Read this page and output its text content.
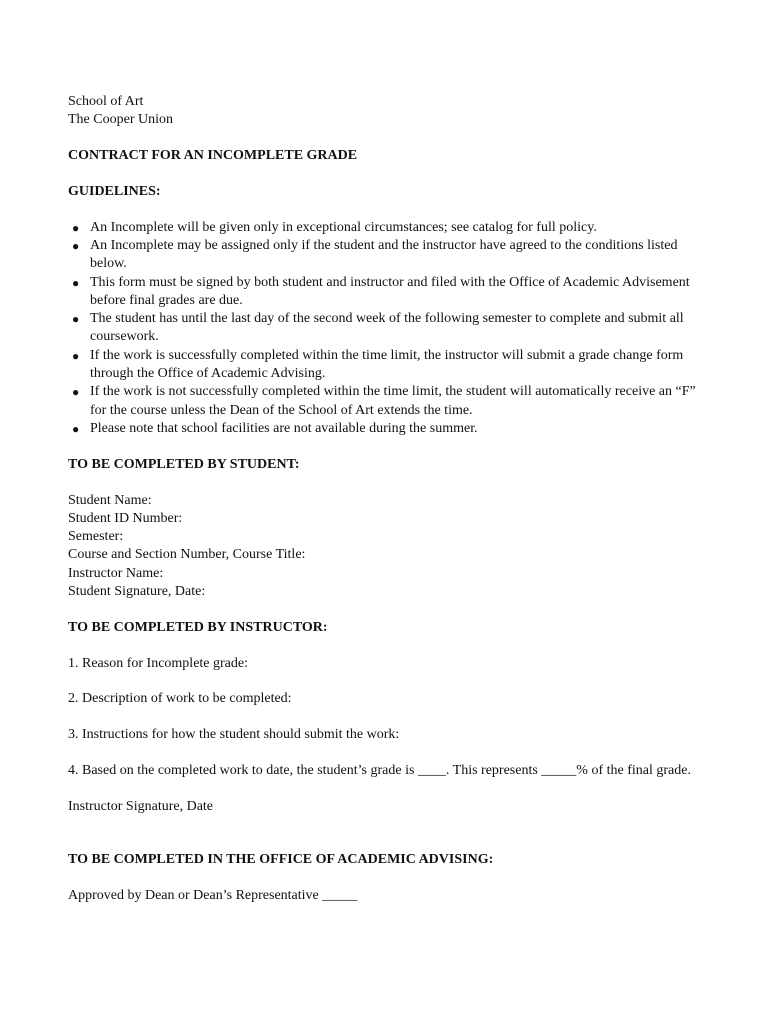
School of Art
The Cooper Union
CONTRACT FOR AN INCOMPLETE GRADE
GUIDELINES:
● An Incomplete will be given only in exceptional circumstances; see catalog for full policy.
● An Incomplete may be assigned only if the student and the instructor have agreed to the conditions listed below.
● This form must be signed by both student and instructor and filed with the Office of Academic Advisement before final grades are due.
● The student has until the last day of the second week of the following semester to complete and submit all coursework.
● If the work is successfully completed within the time limit, the instructor will submit a grade change form through the Office of Academic Advising.
● If the work is not successfully completed within the time limit, the student will automatically receive an “F” for the course unless the Dean of the School of Art extends the time.
● Please note that school facilities are not available during the summer.
TO BE COMPLETED BY STUDENT:
Student Name:
Student ID Number:
Semester:
Course and Section Number, Course Title:
Instructor Name:
Student Signature, Date:
TO BE COMPLETED BY INSTRUCTOR:
1. Reason for Incomplete grade:
2. Description of work to be completed:
3. Instructions for how the student should submit the work:
4. Based on the completed work to date, the student’s grade is ____. This represents _____% of the final grade.
Instructor Signature, Date
TO BE COMPLETED IN THE OFFICE OF ACADEMIC ADVISING:
Approved by Dean or Dean’s Representative _____
